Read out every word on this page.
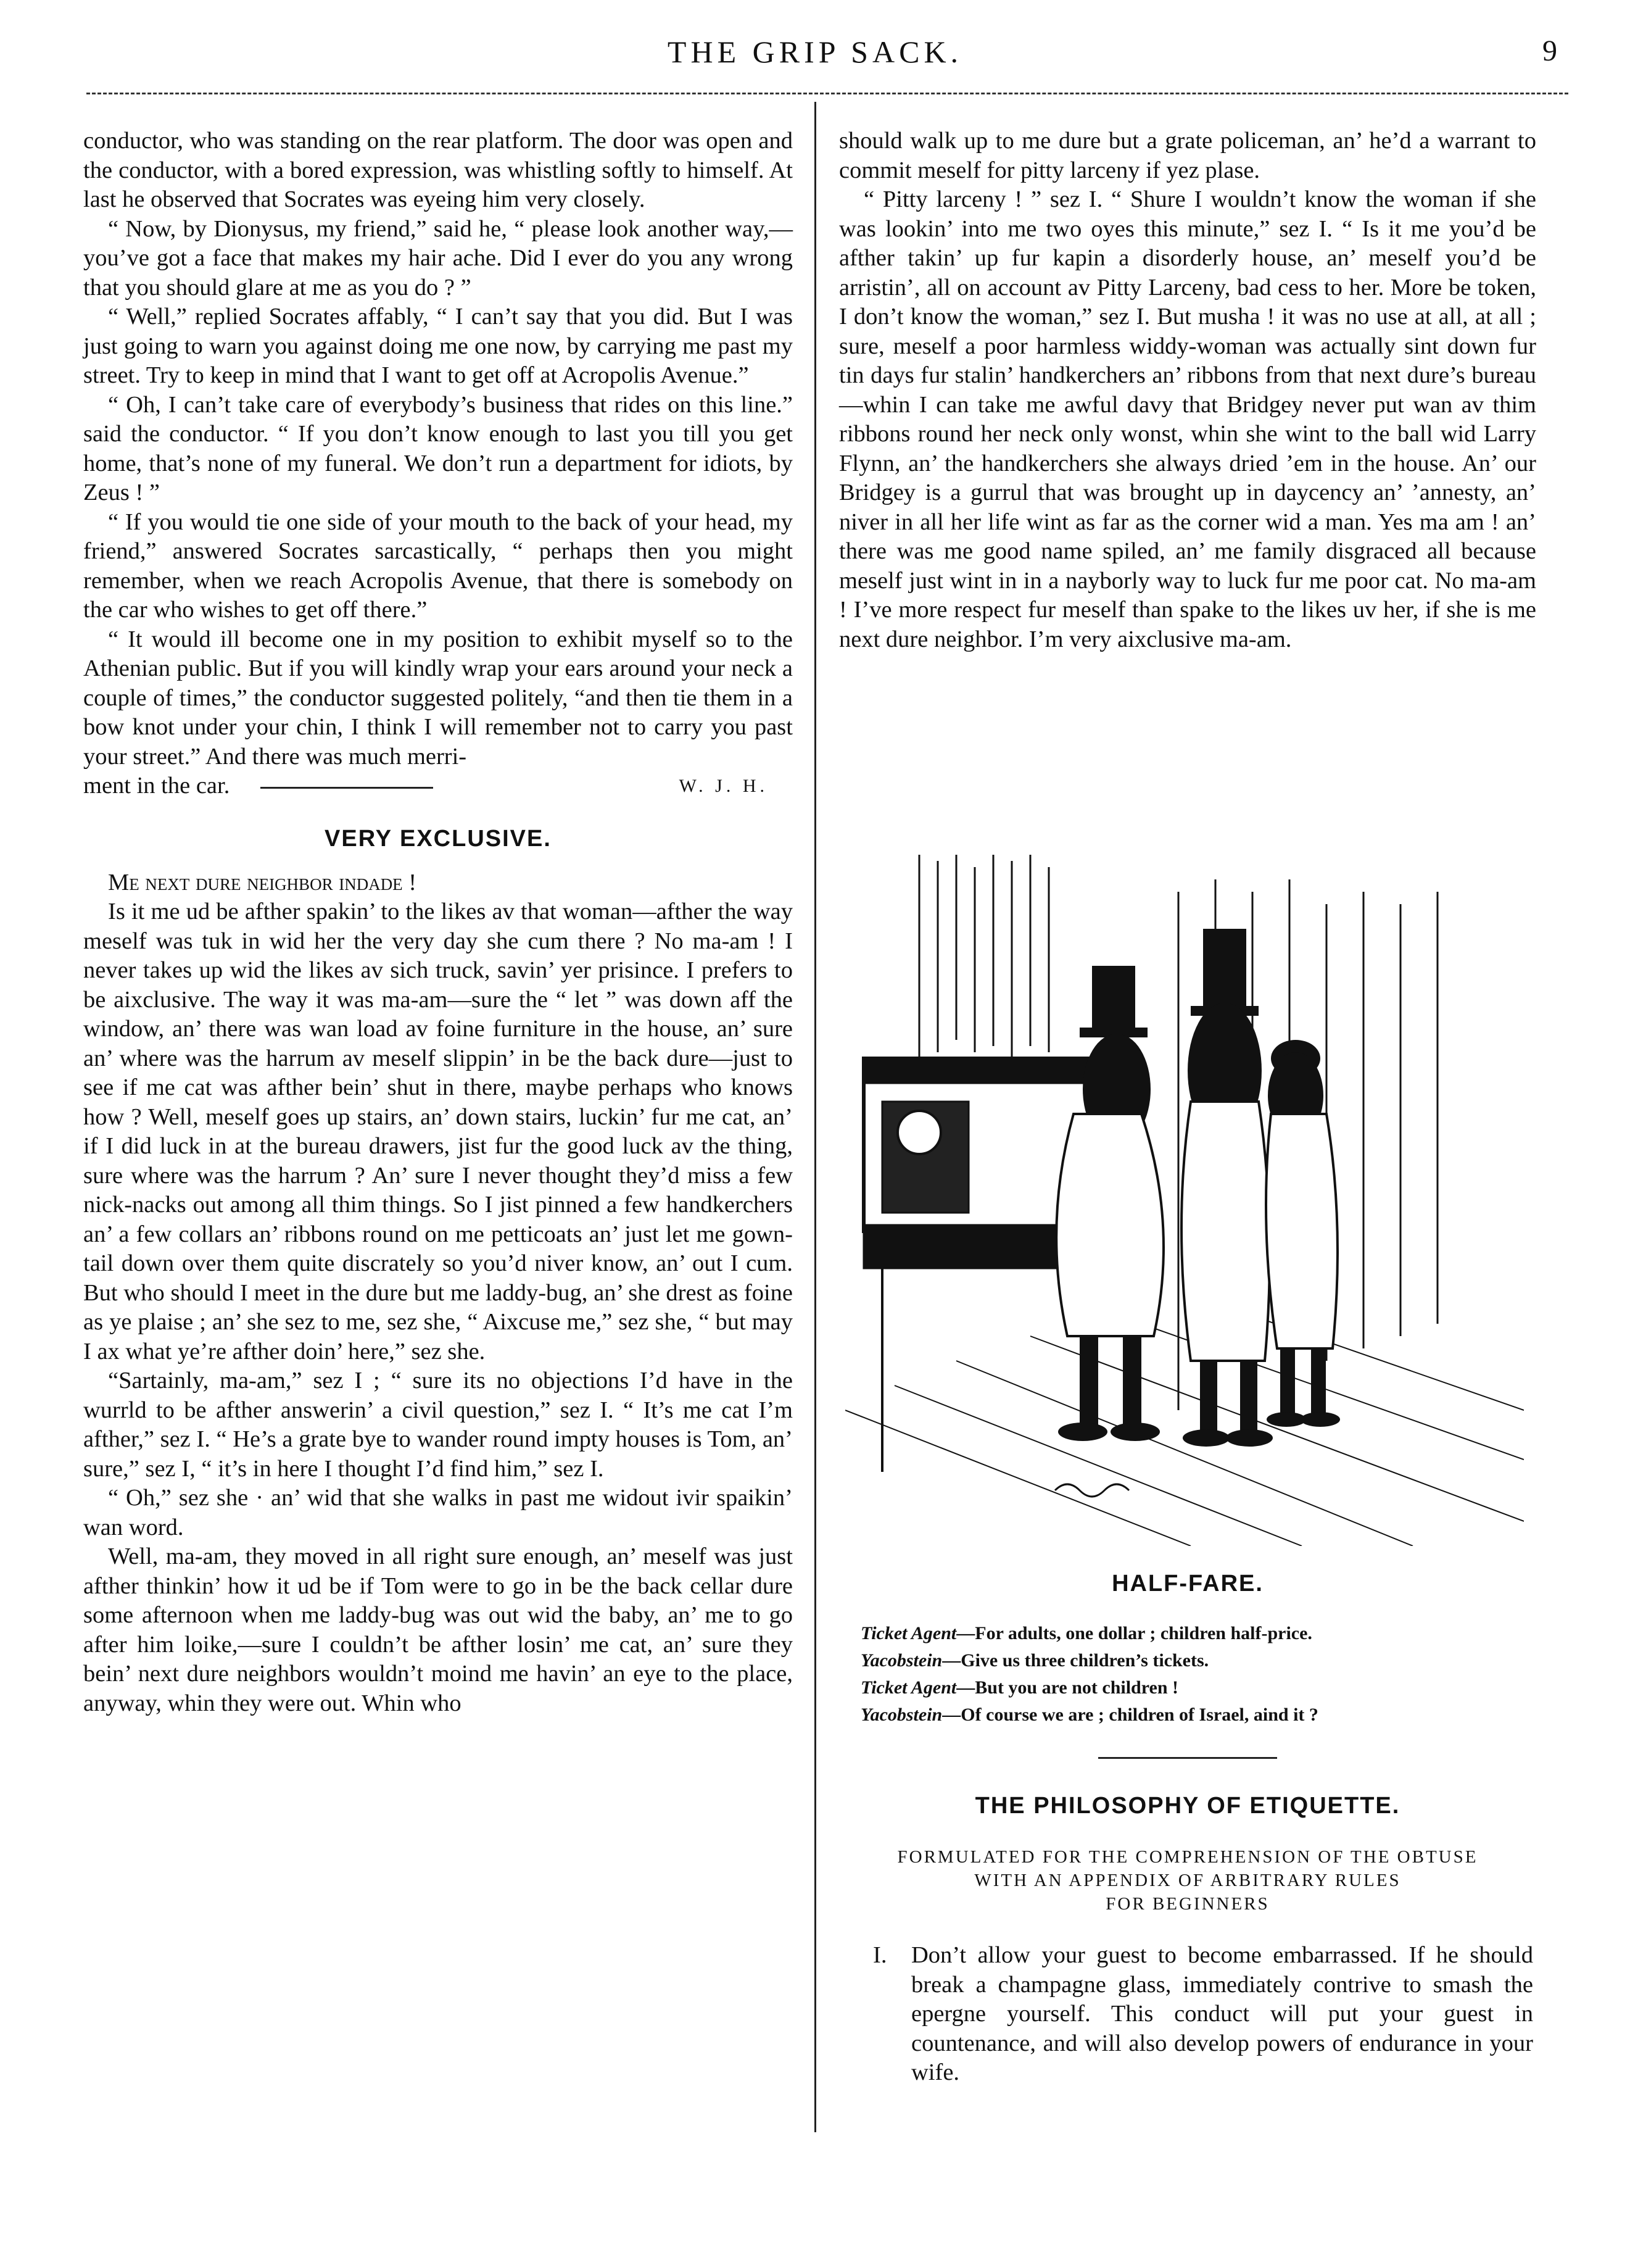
THE GRIP SACK.	9

conductor, who was standing on the rear platform. The door was open and the conductor, with a bored expression, was whistling softly to himself. At last he observed that Socrates was eyeing him very closely.

“ Now, by Dionysus, my friend,” said he, “ please look another way,—you’ve got a face that makes my hair ache. Did I ever do you any wrong that you should glare at me as you do ? ”

“ Well,” replied Socrates affably, “ I can’t say that you did. But I was just going to warn you against doing me one now, by carrying me past my street. Try to keep in mind that I want to get off at Acropolis Avenue.”

“ Oh, I can’t take care of everybody’s business that rides on this line.” said the conductor. “ If you don’t know enough to last you till you get home, that’s none of my funeral. We don’t run a department for idiots, by Zeus ! ”

“ If you would tie one side of your mouth to the back of your head, my friend,” answered Socrates sarcastically, “ perhaps then you might remember, when we reach Acropolis Avenue, that there is somebody on the car who wishes to get off there.”

“ It would ill become one in my position to exhibit myself so to the Athenian public. But if you will kindly wrap your ears around your neck a couple of times,” the conductor suggested politely, “and then tie them in a bow knot under your chin, I think I will remember not to carry you past your street.” And there was much merri-

ment in the car.	W. J. H.

VERY EXCLUSIVE.

Me next dure neighbor indade !

Is it me ud be afther spakin’ to the likes av that woman—afther the way meself was tuk in wid her the very day she cum there ? No ma-am ! I never takes up wid the likes av sich truck, savin’ yer prisince. I prefers to be aixclusive. The way it was ma-am—sure the “ let ” was down aff the window, an’ there was wan load av foine furniture in the house, an’ sure an’ where was the harrum av meself slippin’ in be the back dure—just to see if me cat was afther bein’ shut in there, maybe perhaps who knows how ? Well, meself goes up stairs, an’ down stairs, luckin’ fur me cat, an’ if I did luck in at the bureau drawers, jist fur the good luck av the thing, sure where was the harrum ? An’ sure I never thought they’d miss a few nick-nacks out among all thim things. So I jist pinned a few handkerchers an’ a few collars an’ ribbons round on me petticoats an’ just let me gown-tail down over them quite discrately so you’d niver know, an’ out I cum. But who should I meet in the dure but me laddy-bug, an’ she drest as foine as ye plaise ; an’ she sez to me, sez she, “ Aixcuse me,” sez she, “ but may I ax what ye’re afther doin’ here,” sez she.

“Sartainly, ma-am,” sez I ; “ sure its no objections I’d have in the wurrld to be afther answerin’ a civil question,” sez I. “ It’s me cat I’m afther,” sez I. “ He’s a grate bye to wander round impty houses is Tom, an’ sure,” sez I, “ it’s in here I thought I’d find him,” sez I.

“ Oh,” sez she · an’ wid that she walks in past me widout ivir spaikin’ wan word.

Well, ma-am, they moved in all right sure enough, an’ meself was just afther thinkin’ how it ud be if Tom were to go in be the back cellar dure some afternoon when me laddy-bug was out wid the baby, an’ me to go after him loike,—sure I couldn’t be afther losin’ me cat, an’ sure they bein’ next dure neighbors wouldn’t moind me havin’ an eye to the place, anyway, whin they were out. Whin who

should walk up to me dure but a grate policeman, an’ he’d a warrant to commit meself for pitty larceny if yez plase.

“ Pitty larceny ! ” sez I. “ Shure I wouldn’t know the woman if she was lookin’ into me two oyes this minute,” sez I. “ Is it me you’d be afther takin’ up fur kapin a disorderly house, an’ meself you’d be arristin’, all on account av Pitty Larceny, bad cess to her. More be token, I don’t know the woman,” sez I. But musha ! it was no use at all, at all ; sure, meself a poor harmless widdy-woman was actually sint down fur tin days fur stalin’ handkerchers an’ ribbons from that next dure’s bureau—whin I can take me awful davy that Bridgey never put wan av thim ribbons round her neck only wonst, whin she wint to the ball wid Larry Flynn, an’ the handkerchers she always dried ’em in the house. An’ our Bridgey is a gurrul that was brought up in daycency an’ ’annesty, an’ niver in all her life wint as far as the corner wid a man. Yes ma am ! an’ there was me good name spiled, an’ me family disgraced all because meself just wint in in a nayborly way to luck fur me poor cat. No ma-am ! I’ve more respect fur meself than spake to the likes uv her, if she is me next dure neighbor. I’m very aixclusive ma-am.

HALF-FARE.
Ticket Agent—For adults, one dollar ; children half-price.
Yacobstein—Give us three children’s tickets.
Ticket Agent—But you are not children !
Yacobstein—Of course we are ; children of Israel, aind it ?
THE PHILOSOPHY OF ETIQUETTE.
FORMULATED FOR THE COMPREHENSION OF THE OBTUSE
WITH AN APPENDIX OF ARBITRARY RULES
FOR BEGINNERS
I. Don’t allow your guest to become embarrassed. If he should break a champagne glass, immediately contrive to smash the epergne yourself. This conduct will put your guest in countenance, and will also develop powers of endurance in your wife.
